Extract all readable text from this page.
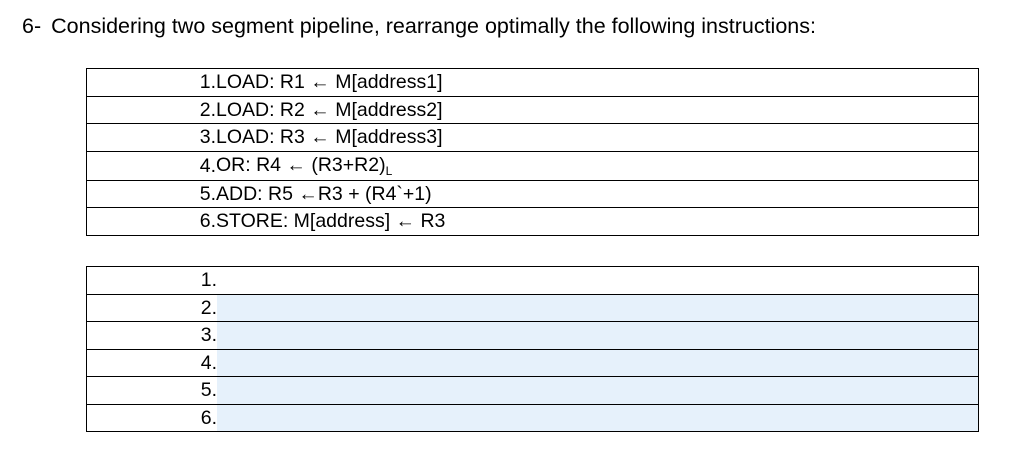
6- Considering two segment pipeline, rearrange optimally the following instructions:
1.	LOAD: R1 ← M[address1]
2.	LOAD: R2 ← M[address2]
3.	LOAD: R3 ← M[address3]
4.	OR: R4 ← $(R3+R2)_L$
5.	ADD: R5 ←R3 + (R4`+1)
6.	STORE: M[address] ← R3
1.	
2.	
3.	
4.	
5.	
6.	
